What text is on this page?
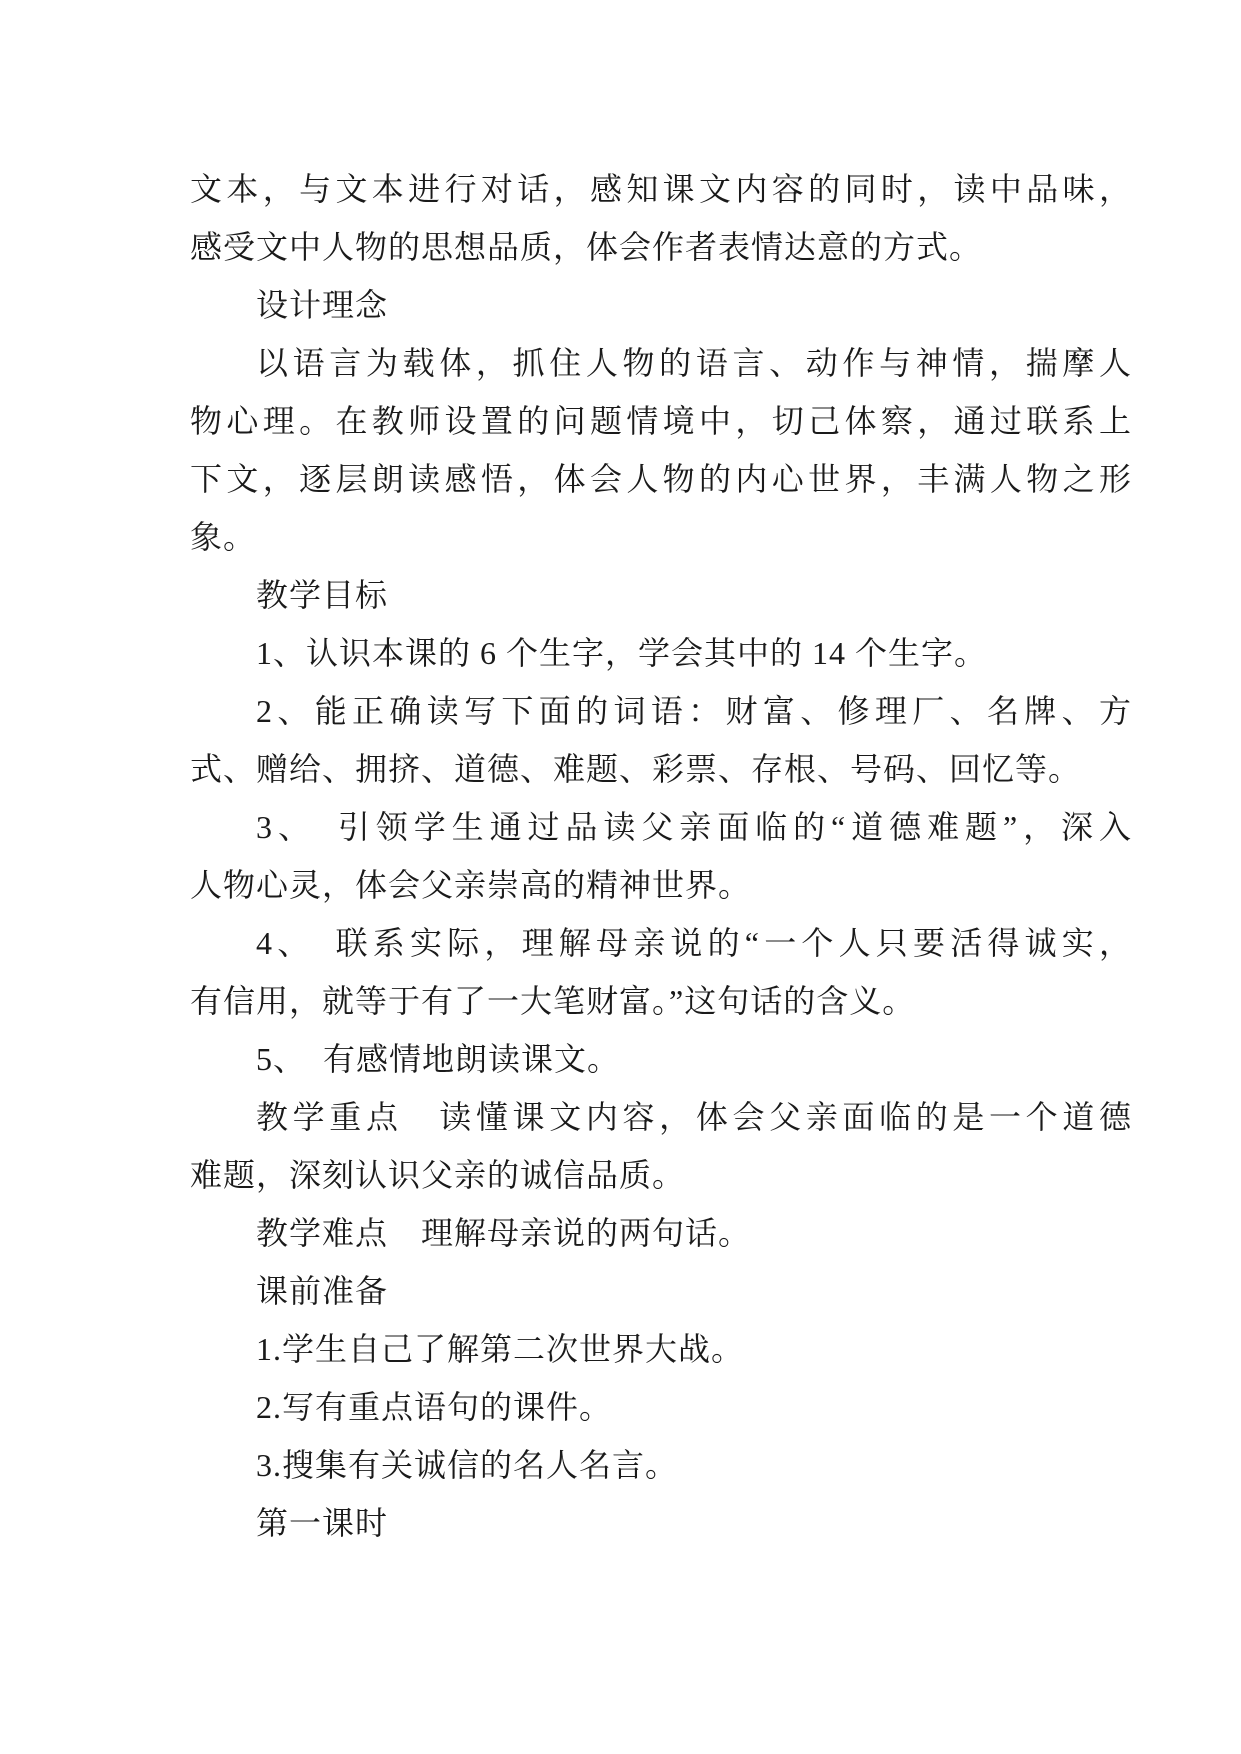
文本，与文本进行对话，感知课文内容的同时，读中品味，

感受文中人物的思想品质，体会作者表情达意的方式。

设计理念

以语言为载体，抓住人物的语言、动作与神情，揣摩人

物心理。在教师设置的问题情境中，切己体察，通过联系上

下文，逐层朗读感悟，体会人物的内心世界，丰满人物之形

象。

教学目标

1、认识本课的 6 个生字，学会其中的 14 个生字。

2、能正确读写下面的词语：财富、修理厂、名牌、方

式、赠给、拥挤、道德、难题、彩票、存根、号码、回忆等。

3、　引领学生通过品读父亲面临的“道德难题”，深入

人物心灵，体会父亲崇高的精神世界。

4、　联系实际，理解母亲说的“一个人只要活得诚实，

有信用，就等于有了一大笔财富。”这句话的含义。

5、　有感情地朗读课文。

教学重点　读懂课文内容，体会父亲面临的是一个道德

难题，深刻认识父亲的诚信品质。

教学难点　理解母亲说的两句话。

课前准备

1.学生自己了解第二次世界大战。

2.写有重点语句的课件。

3.搜集有关诚信的名人名言。

第一课时
